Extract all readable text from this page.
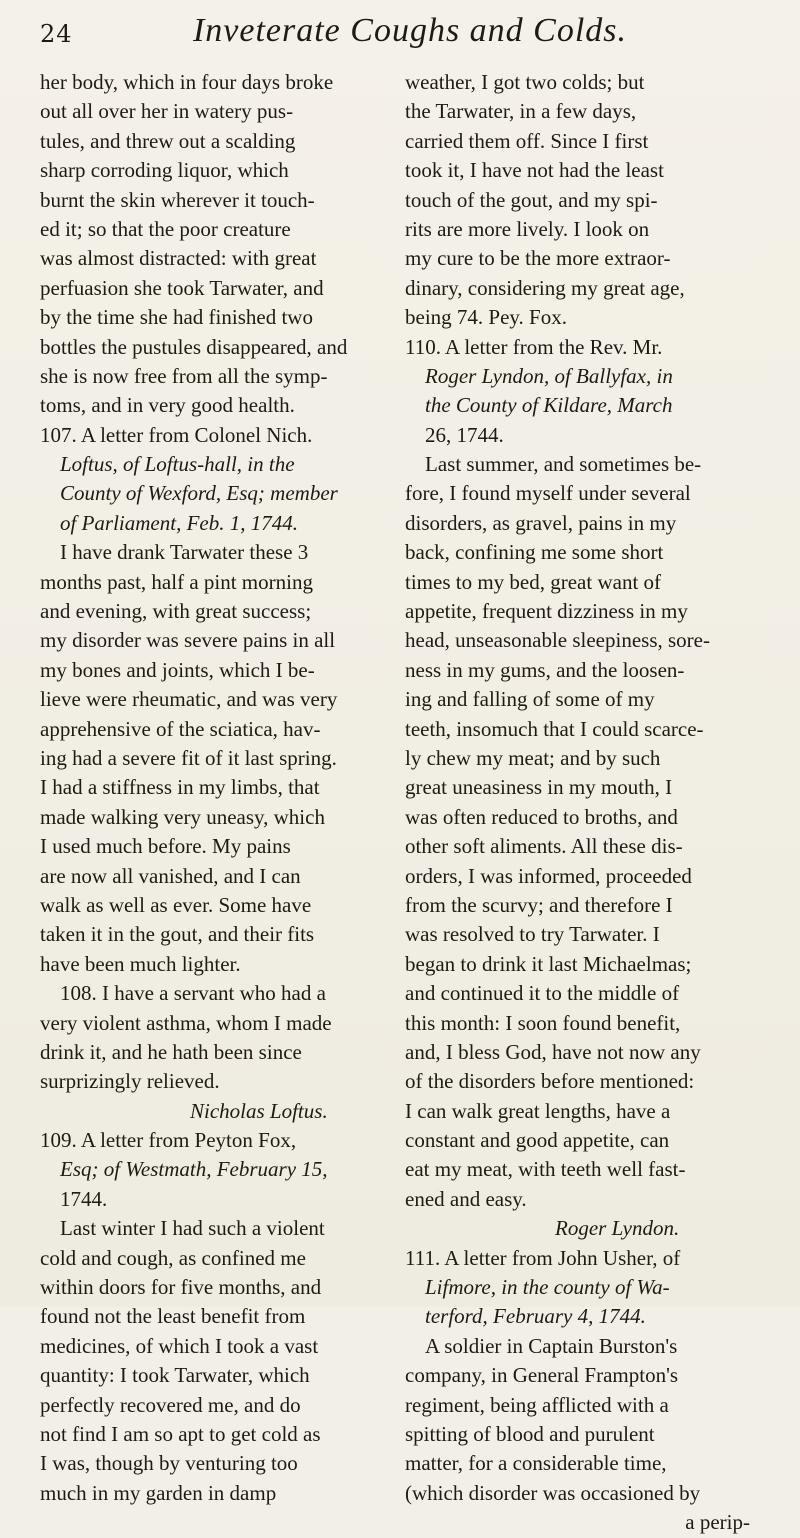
24	Inveterate Coughs and Colds.
her body, which in four days broke
out all over her in watery pus-
tules, and threw out a scalding
sharp corroding liquor, which
burnt the skin wherever it touch-
ed it; so that the poor creature
was almost distracted: with great
perfuasion she took Tarwater, and
by the time she had finished two
bottles the pustules disappeared, and
she is now free from all the symp-
toms, and in very good health.
107. A letter from Colonel Nich.
Loftus, of Loftus-hall, in the
County of Wexford, Esq; member
of Parliament, Feb. 1, 1744.
I have drank Tarwater these 3
months past, half a pint morning
and evening, with great success;
my disorder was severe pains in all
my bones and joints, which I be-
lieve were rheumatic, and was very
apprehensive of the sciatica, hav-
ing had a severe fit of it last spring.
I had a stiffness in my limbs, that
made walking very uneasy, which
I used much before. My pains
are now all vanished, and I can
walk as well as ever. Some have
taken it in the gout, and their fits
have been much lighter.
108. I have a servant who had a
very violent asthma, whom I made
drink it, and he hath been since
surprizingly relieved.
Nicholas Loftus.
109. A letter from Peyton Fox,
Esq; of Westmath, February 15,
1744.
Last winter I had such a violent
cold and cough, as confined me
within doors for five months, and
found not the least benefit from
medicines, of which I took a vast
quantity: I took Tarwater, which
perfectly recovered me, and do
not find I am so apt to get cold as
I was, though by venturing too
much in my garden in damp
weather, I got two colds; but
the Tarwater, in a few days,
carried them off. Since I first
took it, I have not had the least
touch of the gout, and my spi-
rits are more lively. I look on
my cure to be the more extraor-
dinary, considering my great age,
being 74. Pey. Fox.
110. A letter from the Rev. Mr.
Roger Lyndon, of Ballyfax, in
the County of Kildare, March
26, 1744.
Last summer, and sometimes be-
fore, I found myself under several
disorders, as gravel, pains in my
back, confining me some short
times to my bed, great want of
appetite, frequent dizziness in my
head, unseasonable sleepiness, sore-
ness in my gums, and the loosen-
ing and falling of some of my
teeth, insomuch that I could scarce-
ly chew my meat; and by such
great uneasiness in my mouth, I
was often reduced to broths, and
other soft aliments. All these dis-
orders, I was informed, proceeded
from the scurvy; and therefore I
was resolved to try Tarwater. I
began to drink it last Michaelmas;
and continued it to the middle of
this month: I soon found benefit,
and, I bless God, have not now any
of the disorders before mentioned:
I can walk great lengths, have a
constant and good appetite, can
eat my meat, with teeth well fast-
ened and easy.
Roger Lyndon.
111. A letter from John Usher, of
Lifmore, in the county of Wa-
terford, February 4, 1744.
A soldier in Captain Burston's
company, in General Frampton's
regiment, being afflicted with a
spitting of blood and purulent
matter, for a considerable time,
(which disorder was occasioned by
a perip-
